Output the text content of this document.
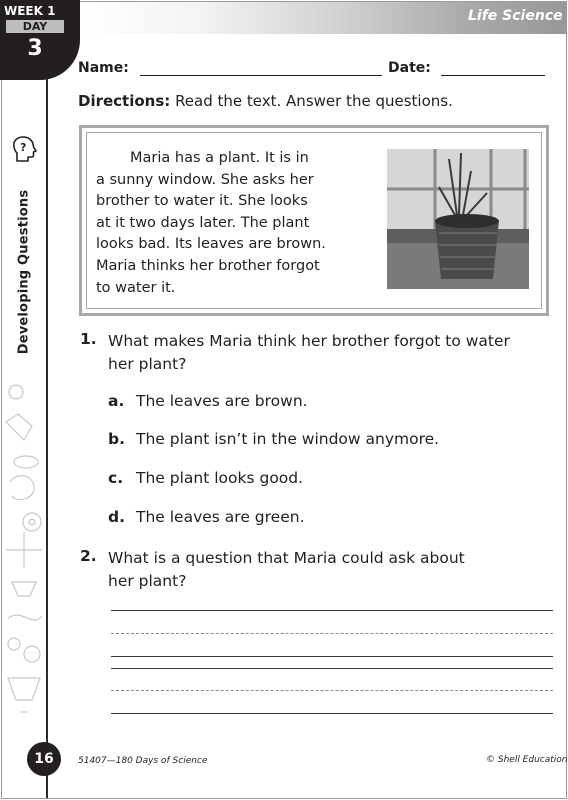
?
Developing Questions
WEEK 1
DAY
3
Life Science
Name:	Date:
Directions: Read the text. Answer the questions.
Maria has a plant. It is in
a sunny window. She asks her
brother to water it. She looks
at it two days later. The plant
looks bad. Its leaves are brown.
Maria thinks her brother forgot
to water it.
1. What makes Maria think her brother forgot to water
her plant?
a. The leaves are brown.
b. The plant isn’t in the window anymore.
c. The plant looks good.
d. The leaves are green.
2. What is a question that Maria could ask about
her plant?
16	51407—180 Days of Science	© Shell Education
